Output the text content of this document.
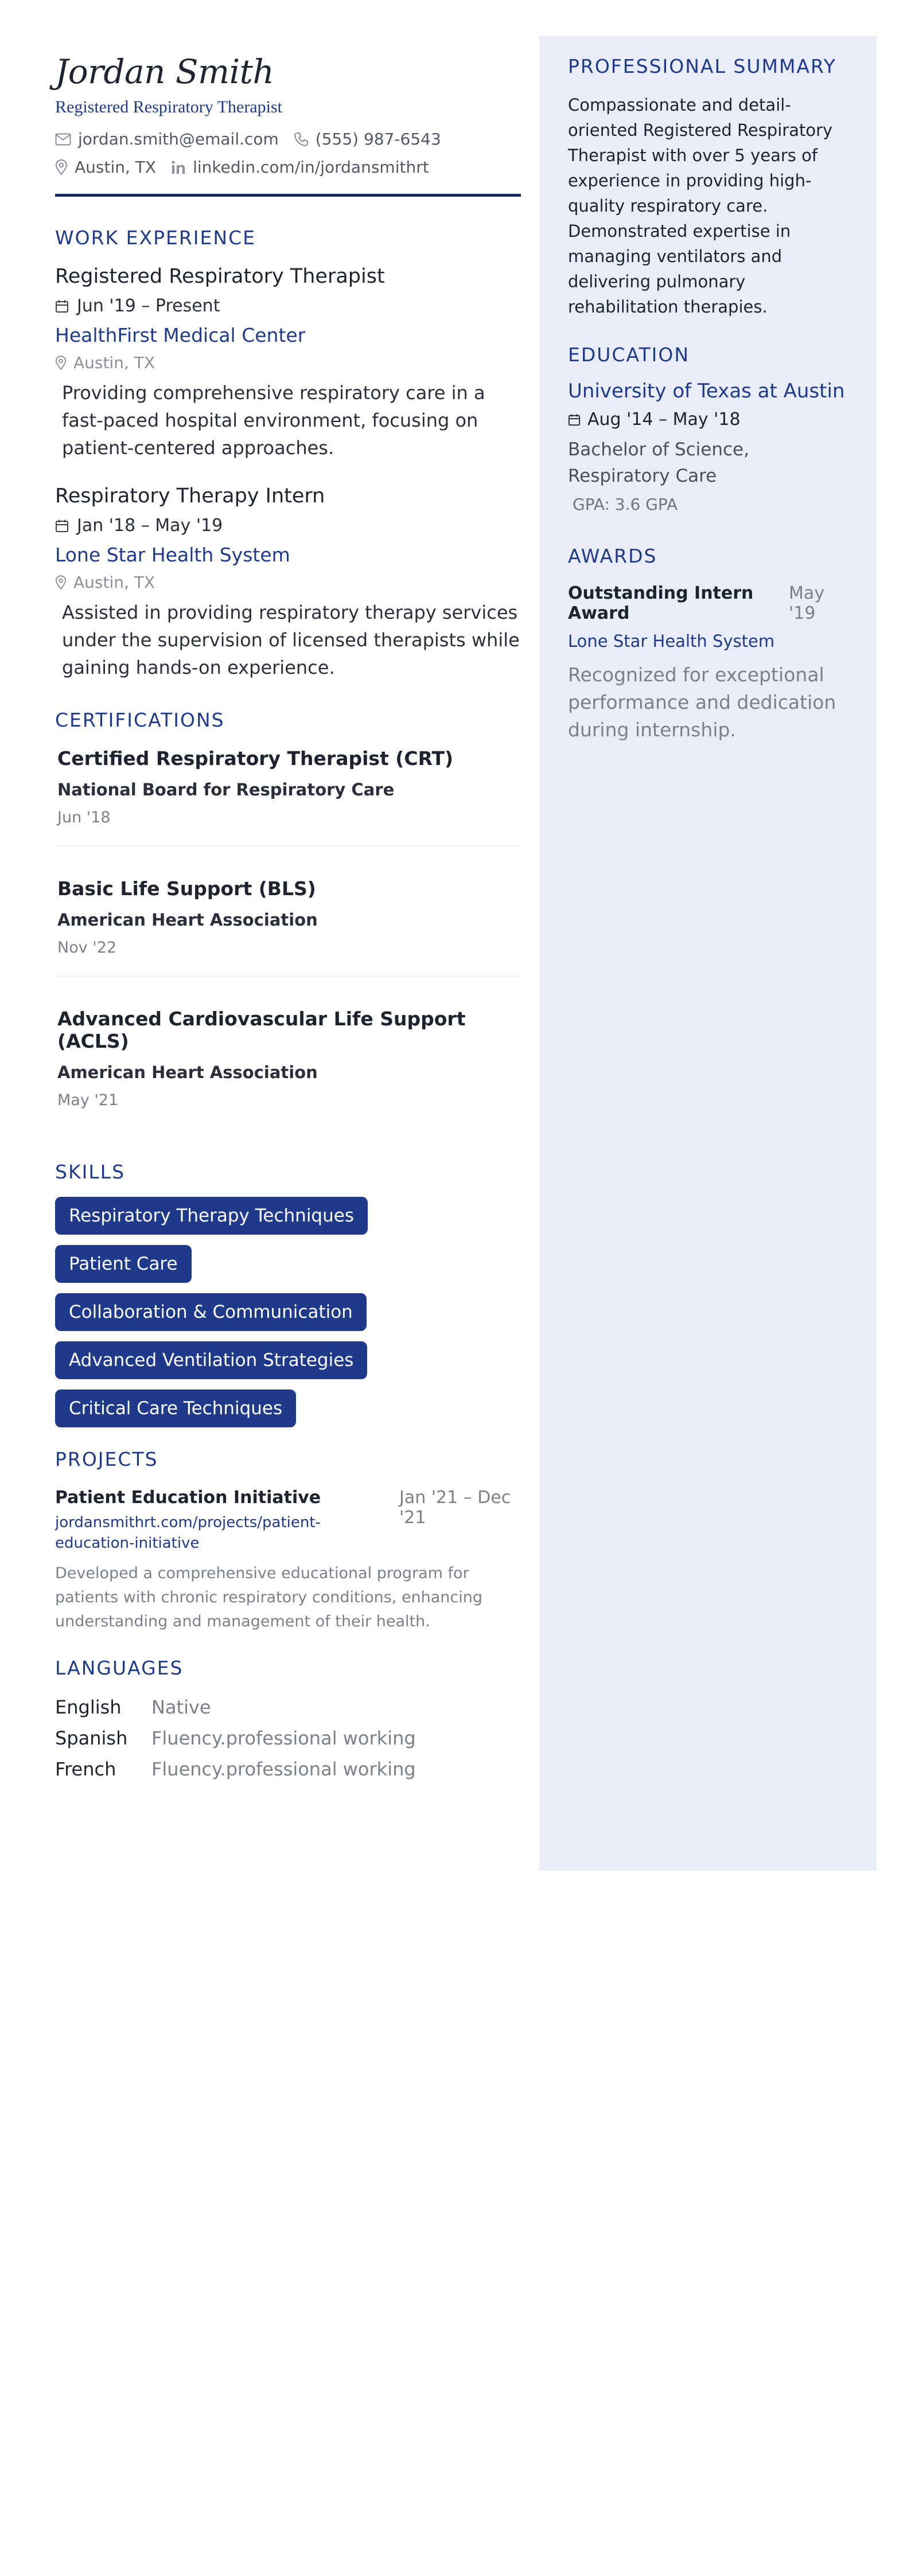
Jordan Smith
Registered Respiratory Therapist
jordan.smith@email.com (555) 987-6543
Austin, TX linkedin.com/in/jordansmithrt
WORK EXPERIENCE
Registered Respiratory Therapist
Jun '19 – Present
HealthFirst Medical Center
Austin, TX
Providing comprehensive respiratory care in a fast-paced hospital environment, focusing on patient-centered approaches.
Respiratory Therapy Intern
Jan '18 – May '19
Lone Star Health System
Austin, TX
Assisted in providing respiratory therapy services under the supervision of licensed therapists while gaining hands-on experience.
CERTIFICATIONS
Certified Respiratory Therapist (CRT)
National Board for Respiratory Care
Jun '18
Basic Life Support (BLS)
American Heart Association
Nov '22
Advanced Cardiovascular Life Support (ACLS)
American Heart Association
May '21
SKILLS
Respiratory Therapy Techniques
Patient Care
Collaboration & Communication
Advanced Ventilation Strategies
Critical Care Techniques
PROJECTS
Patient Education Initiative
jordansmithrt.com/projects/patient-education-initiative
Jan '21 – Dec '21
Developed a comprehensive educational program for patients with chronic respiratory conditions, enhancing understanding and management of their health.
LANGUAGES
English	Native
Spanish	Fluency.professional working
French	Fluency.professional working
PROFESSIONAL SUMMARY
Compassionate and detail-oriented Registered Respiratory Therapist with over 5 years of experience in providing high-quality respiratory care. Demonstrated expertise in managing ventilators and delivering pulmonary rehabilitation therapies.
EDUCATION
University of Texas at Austin
Aug '14 – May '18
Bachelor of Science, Respiratory Care
GPA: 3.6 GPA
AWARDS
Outstanding Intern Award
May '19
Lone Star Health System
Recognized for exceptional performance and dedication during internship.
